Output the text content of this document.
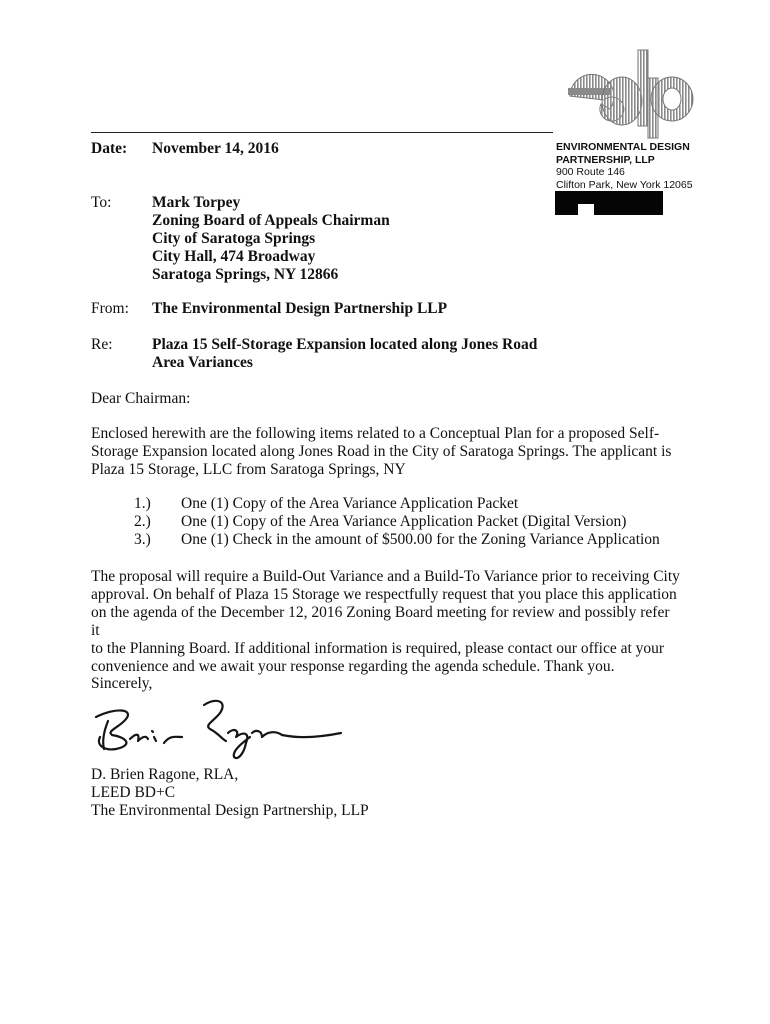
ENVIRONMENTAL DESIGN
PARTNERSHIP, LLP
900 Route 146
Clifton Park, New York 12065
Date: November 14, 2016
To:	Mark Torpey
Zoning Board of Appeals Chairman
City of Saratoga Springs
City Hall, 474 Broadway
Saratoga Springs, NY 12866
From: The Environmental Design Partnership LLP
Re:	Plaza 15 Self-Storage Expansion located along Jones Road
Area Variances
Dear Chairman:

Enclosed herewith are the following items related to a Conceptual Plan for a proposed Self-
Storage Expansion located along Jones Road in the City of Saratoga Springs. The applicant is
Plaza 15 Storage, LLC from Saratoga Springs, NY

1.)	One (1) Copy of the Area Variance Application Packet
2.)	One (1) Copy of the Area Variance Application Packet (Digital Version)
3.)	One (1) Check in the amount of $500.00 for the Zoning Variance Application

The proposal will require a Build-Out Variance and a Build-To Variance prior to receiving City
approval. On behalf of Plaza 15 Storage we respectfully request that you place this application
on the agenda of the December 12, 2016 Zoning Board meeting for review and possibly refer it
to the Planning Board. If additional information is required, please contact our office at your
convenience and we await your response regarding the agenda schedule. Thank you.

Sincerely,
D. Brien Ragone, RLA,
LEED BD+C
The Environmental Design Partnership, LLP
